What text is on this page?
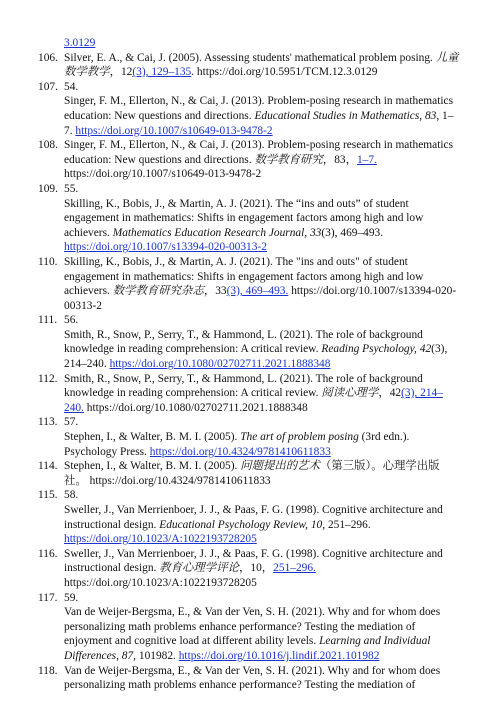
3.0129
106. Silver, E. A., & Cai, J. (2005). Assessing students' mathematical problem posing. 儿童数学教学，12(3), 129–135. https://doi.org/10.5951/TCM.12.3.0129
107. 54.
Singer, F. M., Ellerton, N., & Cai, J. (2013). Problem-posing research in mathematics education: New questions and directions. Educational Studies in Mathematics, 83, 1–7. https://doi.org/10.1007/s10649-013-9478-2
108. Singer, F. M., Ellerton, N., & Cai, J. (2013). Problem-posing research in mathematics education: New questions and directions. 数学教育研究，83，1–7. https://doi.org/10.1007/s10649-013-9478-2
109. 55.
Skilling, K., Bobis, J., & Martin, A. J. (2021). The “ins and outs” of student engagement in mathematics: Shifts in engagement factors among high and low achievers. Mathematics Education Research Journal, 33(3), 469–493. https://doi.org/10.1007/s13394-020-00313-2
110. Skilling, K., Bobis, J., & Martin, A. J. (2021). The "ins and outs" of student engagement in mathematics: Shifts in engagement factors among high and low achievers. 数学教育研究杂志，33(3), 469–493. https://doi.org/10.1007/s13394-020-00313-2
111. 56.
Smith, R., Snow, P., Serry, T., & Hammond, L. (2021). The role of background knowledge in reading comprehension: A critical review. Reading Psychology, 42(3), 214–240. https://doi.org/10.1080/02702711.2021.1888348
112. Smith, R., Snow, P., Serry, T., & Hammond, L. (2021). The role of background knowledge in reading comprehension: A critical review. 阅读心理学，42(3), 214–240. https://doi.org/10.1080/02702711.2021.1888348
113. 57.
Stephen, I., & Walter, B. M. I. (2005). The art of problem posing (3rd edn.). Psychology Press. https://doi.org/10.4324/9781410611833
114. Stephen, I., & Walter, B. M. I. (2005). 问题提出的艺术（第三版）。心理学出版社。 https://doi.org/10.4324/9781410611833
115. 58.
Sweller, J., Van Merrienboer, J. J., & Paas, F. G. (1998). Cognitive architecture and instructional design. Educational Psychology Review, 10, 251–296. https://doi.org/10.1023/A:1022193728205
116. Sweller, J., Van Merrienboer, J. J., & Paas, F. G. (1998). Cognitive architecture and instructional design. 教育心理学评论，10，251–296. https://doi.org/10.1023/A:1022193728205
117. 59.
Van de Weijer-Bergsma, E., & Van der Ven, S. H. (2021). Why and for whom does personalizing math problems enhance performance? Testing the mediation of enjoyment and cognitive load at different ability levels. Learning and Individual Differences, 87, 101982. https://doi.org/10.1016/j.lindif.2021.101982
118. Van de Weijer-Bergsma, E., & Van der Ven, S. H. (2021). Why and for whom does personalizing math problems enhance performance? Testing the mediation of
